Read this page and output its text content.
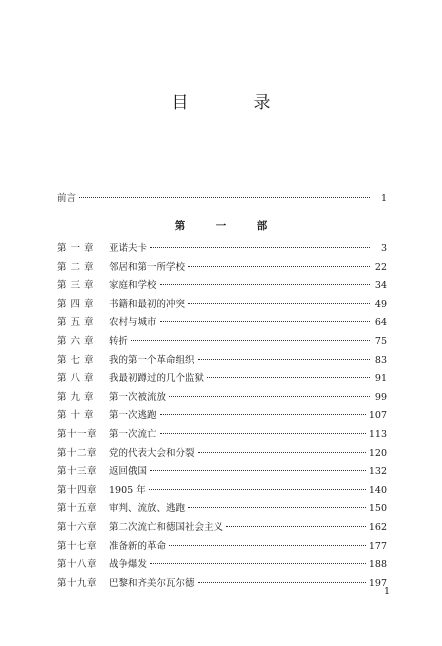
目　录
前言	1
第　一　部
第 一 章	亚诺夫卡	3
第 二 章	邻居和第一所学校	22
第 三 章	家庭和学校	34
第 四 章	书籍和最初的冲突	49
第 五 章	农村与城市	64
第 六 章	转折	75
第 七 章	我的第一个革命组织	83
第 八 章	我最初蹲过的几个监狱	91
第 九 章	第一次被流放	99
第 十 章	第一次逃跑	107
第十一章	第一次流亡	113
第十二章	党的代表大会和分裂	120
第十三章	返回俄国	132
第十四章	1905 年	140
第十五章	审判、流放、逃跑	150
第十六章	第二次流亡和德国社会主义	162
第十七章	准备新的革命	177
第十八章	战争爆发	188
第十九章	巴黎和齐美尔瓦尔德	197
1
